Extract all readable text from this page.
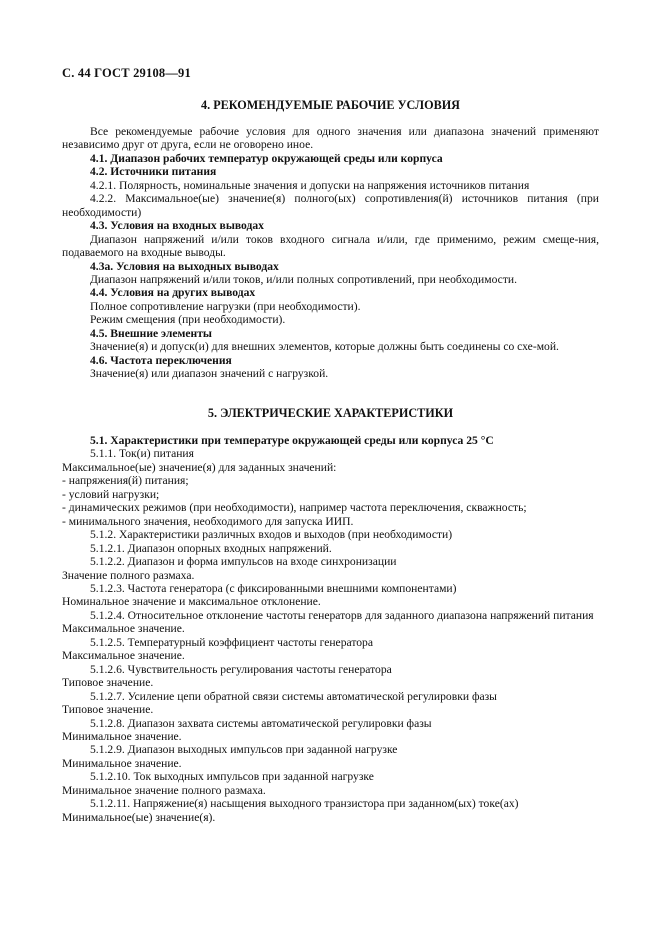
С. 44 ГОСТ 29108—91
4. РЕКОМЕНДУЕМЫЕ РАБОЧИЕ УСЛОВИЯ

Все рекомендуемые рабочие условия для одного значения или диапазона значений применяют независимо друг от друга, если не оговорено иное.

4.1. Диапазон рабочих температур окружающей среды или корпуса

4.2. Источники питания

4.2.1. Полярность, номинальные значения и допуски на напряжения источников питания

4.2.2. Максимальное(ые) значение(я) полного(ых) сопротивления(й) источников питания (при необходимости)

4.3. Условия на входных выводах

Диапазон напряжений и/или токов входного сигнала и/или, где применимо, режим смеще-ния, подаваемого на входные выводы.

4.3а. Условия на выходных выводах

Диапазон напряжений и/или токов, и/или полных сопротивлений, при необходимости.

4.4. Условия на других выводах

Полное сопротивление нагрузки (при необходимости).

Режим смещения (при необходимости).

4.5. Внешние элементы

Значение(я) и допуск(и) для внешних элементов, которые должны быть соединены со схе-мой.

4.6. Частота переключения

Значение(я) или диапазон значений с нагрузкой.

5. ЭЛЕКТРИЧЕСКИЕ ХАРАКТЕРИСТИКИ

5.1. Характеристики при температуре окружающей среды или корпуса 25 °С

5.1.1. Ток(и) питания

Максимальное(ые) значение(я) для заданных значений:

- напряжения(й) питания;

- условий нагрузки;

- динамических режимов (при необходимости), например частота переключения, скважность;

- минимального значения, необходимого для запуска ИИП.

5.1.2. Характеристики различных входов и выходов (при необходимости)

5.1.2.1. Диапазон опорных входных напряжений.

5.1.2.2. Диапазон и форма импульсов на входе синхронизации

Значение полного размаха.

5.1.2.3. Частота генератора (с фиксированными внешними компонентами)

Номинальное значение и максимальное отклонение.

5.1.2.4. Относительное отклонение частоты генераторв для заданного диапазона напряжений питания

Максимальное значение.

5.1.2.5. Температурный коэффициент частоты генератора

Максимальное значение.

5.1.2.6. Чувствительность регулирования частоты генератора

Типовое значение.

5.1.2.7. Усиление цепи обратной связи системы автоматической регулировки фазы

Типовое значение.

5.1.2.8. Диапазон захвата системы автоматической регулировки фазы

Минимальное значение.

5.1.2.9. Диапазон выходных импульсов при заданной нагрузке

Минимальное значение.

5.1.2.10. Ток выходных импульсов при заданной нагрузке

Минимальное значение полного размаха.

5.1.2.11. Напряжение(я) насыщения выходного транзистора при заданном(ых) токе(ах)

Минимальное(ые) значение(я).
